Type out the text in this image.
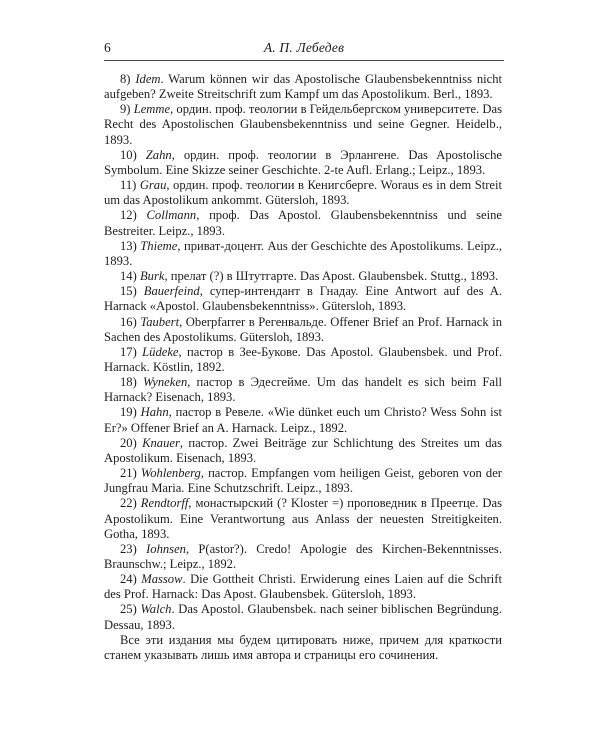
6	А. П. Лебедев

8) Idem. Warum können wir das Apostolische Glaubensbekenntniss nicht aufgeben? Zweite Streitschrift zum Kampf um das Apostolikum. Berl., 1893.

9) Lemme, ордин. проф. теологии в Гейдельбергском университете. Das Recht des Apostolischen Glaubensbekenntniss und seine Gegner. Heidelb., 1893.

10) Zahn, ордин. проф. теологии в Эрлангене. Das Apostolische Symbolum. Eine Skizze seiner Geschichte. 2-te Aufl. Erlang.; Leipz., 1893.

11) Grau, ордин. проф. теологии в Кенигсберге. Woraus es in dem Streit um das Apostolikum ankommt. Gütersloh, 1893.

12) Collmann, проф. Das Apostol. Glaubensbekenntniss und seine Bestreiter. Leipz., 1893.

13) Thieme, приват-доцент. Aus der Geschichte des Apostolikums. Leipz., 1893.

14) Burk, прелат (?) в Штутгарте. Das Apost. Glaubensbek. Stuttg., 1893.

15) Bauerfeind, супер-интендант в Гнадау. Eine Antwort auf des A. Harnack «Apostol. Glaubensbekenntniss». Gütersloh, 1893.

16) Taubert, Oberpfarrer в Регенвальде. Offener Brief an Prof. Harnack in Sachen des Apostolikums. Gütersloh, 1893.

17) Lüdeke, пастор в Зее-Букове. Das Apostol. Glaubensbek. und Prof. Harnack. Köstlin, 1892.

18) Wyneken, пастор в Эдесгейме. Um das handelt es sich beim Fall Harnack? Eisenach, 1893.

19) Hahn, пастор в Ревеле. «Wie dünket euch um Christo? Wess Sohn ist Er?» Offener Brief an A. Harnack. Leipz., 1892.

20) Knauer, пастор. Zwei Beiträge zur Schlichtung des Streites um das Apostolikum. Eisenach, 1893.

21) Wohlenberg, пастор. Empfangen vom heiligen Geist, geboren von der Jungfrau Maria. Eine Schutzschrift. Leipz., 1893.

22) Rendtorff, монастырский (? Kloster =) проповедник в Преетце. Das Apostolikum. Eine Verantwortung aus Anlass der neuesten Streitigkeiten. Gotha, 1893.

23) Iohnsen, P(astor?). Credo! Apologie des Kirchen-Bekenntnisses. Braunschw.; Leipz., 1892.

24) Massow. Die Gottheit Christi. Erwiderung eines Laien auf die Schrift des Prof. Harnack: Das Apost. Glaubensbek. Gütersloh, 1893.

25) Walch. Das Apostol. Glaubensbek. nach seiner biblischen Begründung. Dessau, 1893.

Все эти издания мы будем цитировать ниже, причем для краткости станем указывать лишь имя автора и страницы его сочинения.
